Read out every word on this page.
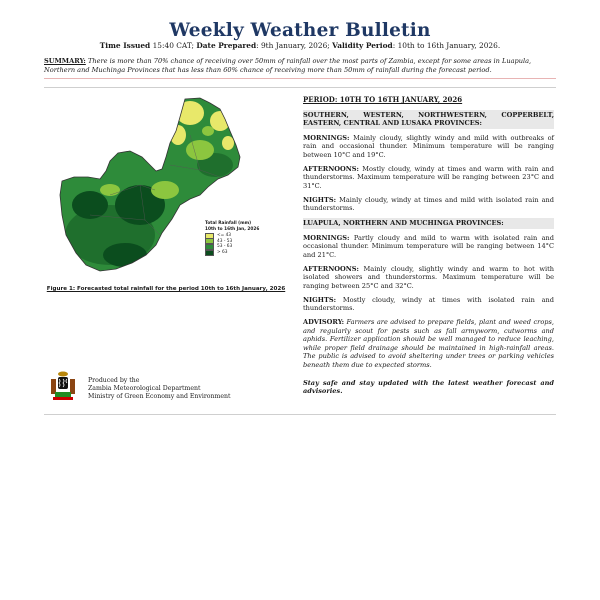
Weekly Weather Bulletin
Time Issued 15:40 CAT; Date Prepared: 9th January, 2026; Validity Period: 10th to 16th January, 2026.
SUMMARY: There is more than 70% chance of receiving over 50mm of rainfall over the most parts of Zambia, except for some areas in Luapula, Northern and Muchinga Provinces that has less than 60% chance of receiving more than 50mm of rainfall during the forecast period.
Total Rainfall (mm)
10th to 16th Jan, 2026
<= 43
43 - 53
53 - 63
> 63
Figure 1: Forecasted total rainfall for the period 10th to 16th January, 2026
Produced by the
Zambia Meteorological Department
Ministry of Green Economy and Environment

PERIOD: 10TH TO 16TH JANUARY, 2026

SOUTHERN, WESTERN, NORTHWESTERN, COPPERBELT, EASTERN, CENTRAL AND LUSAKA PROVINCES:

MORNINGS: Mainly cloudy, slightly windy and mild with outbreaks of rain and occasional thunder. Minimum temperature will be ranging between 10°C and 19°C.

AFTERNOONS: Mostly cloudy, windy at times and warm with rain and thunderstorms. Maximum temperature will be ranging between 23°C and 31°C.

NIGHTS: Mainly cloudy, windy at times and mild with isolated rain and thunderstorms.

LUAPULA, NORTHERN AND MUCHINGA PROVINCES:

MORNINGS: Partly cloudy and mild to warm with isolated rain and occasional thunder. Minimum temperature will be ranging between 14°C and 21°C.

AFTERNOONS: Mainly cloudy, slightly windy and warm to hot with isolated showers and thunderstorms. Maximum temperature will be ranging between 25°C and 32°C.

NIGHTS: Mostly cloudy, windy at times with isolated rain and thunderstorms.

ADVISORY: Farmers are advised to prepare fields, plant and weed crops, and regularly scout for pests such as fall armyworm, cutworms and aphids. Fertilizer application should be well managed to reduce leaching, while proper field drainage should be maintained in high-rainfall areas. The public is advised to avoid sheltering under trees or parking vehicles beneath them due to expected storms.

Stay safe and stay updated with the latest weather forecast and advisories.
